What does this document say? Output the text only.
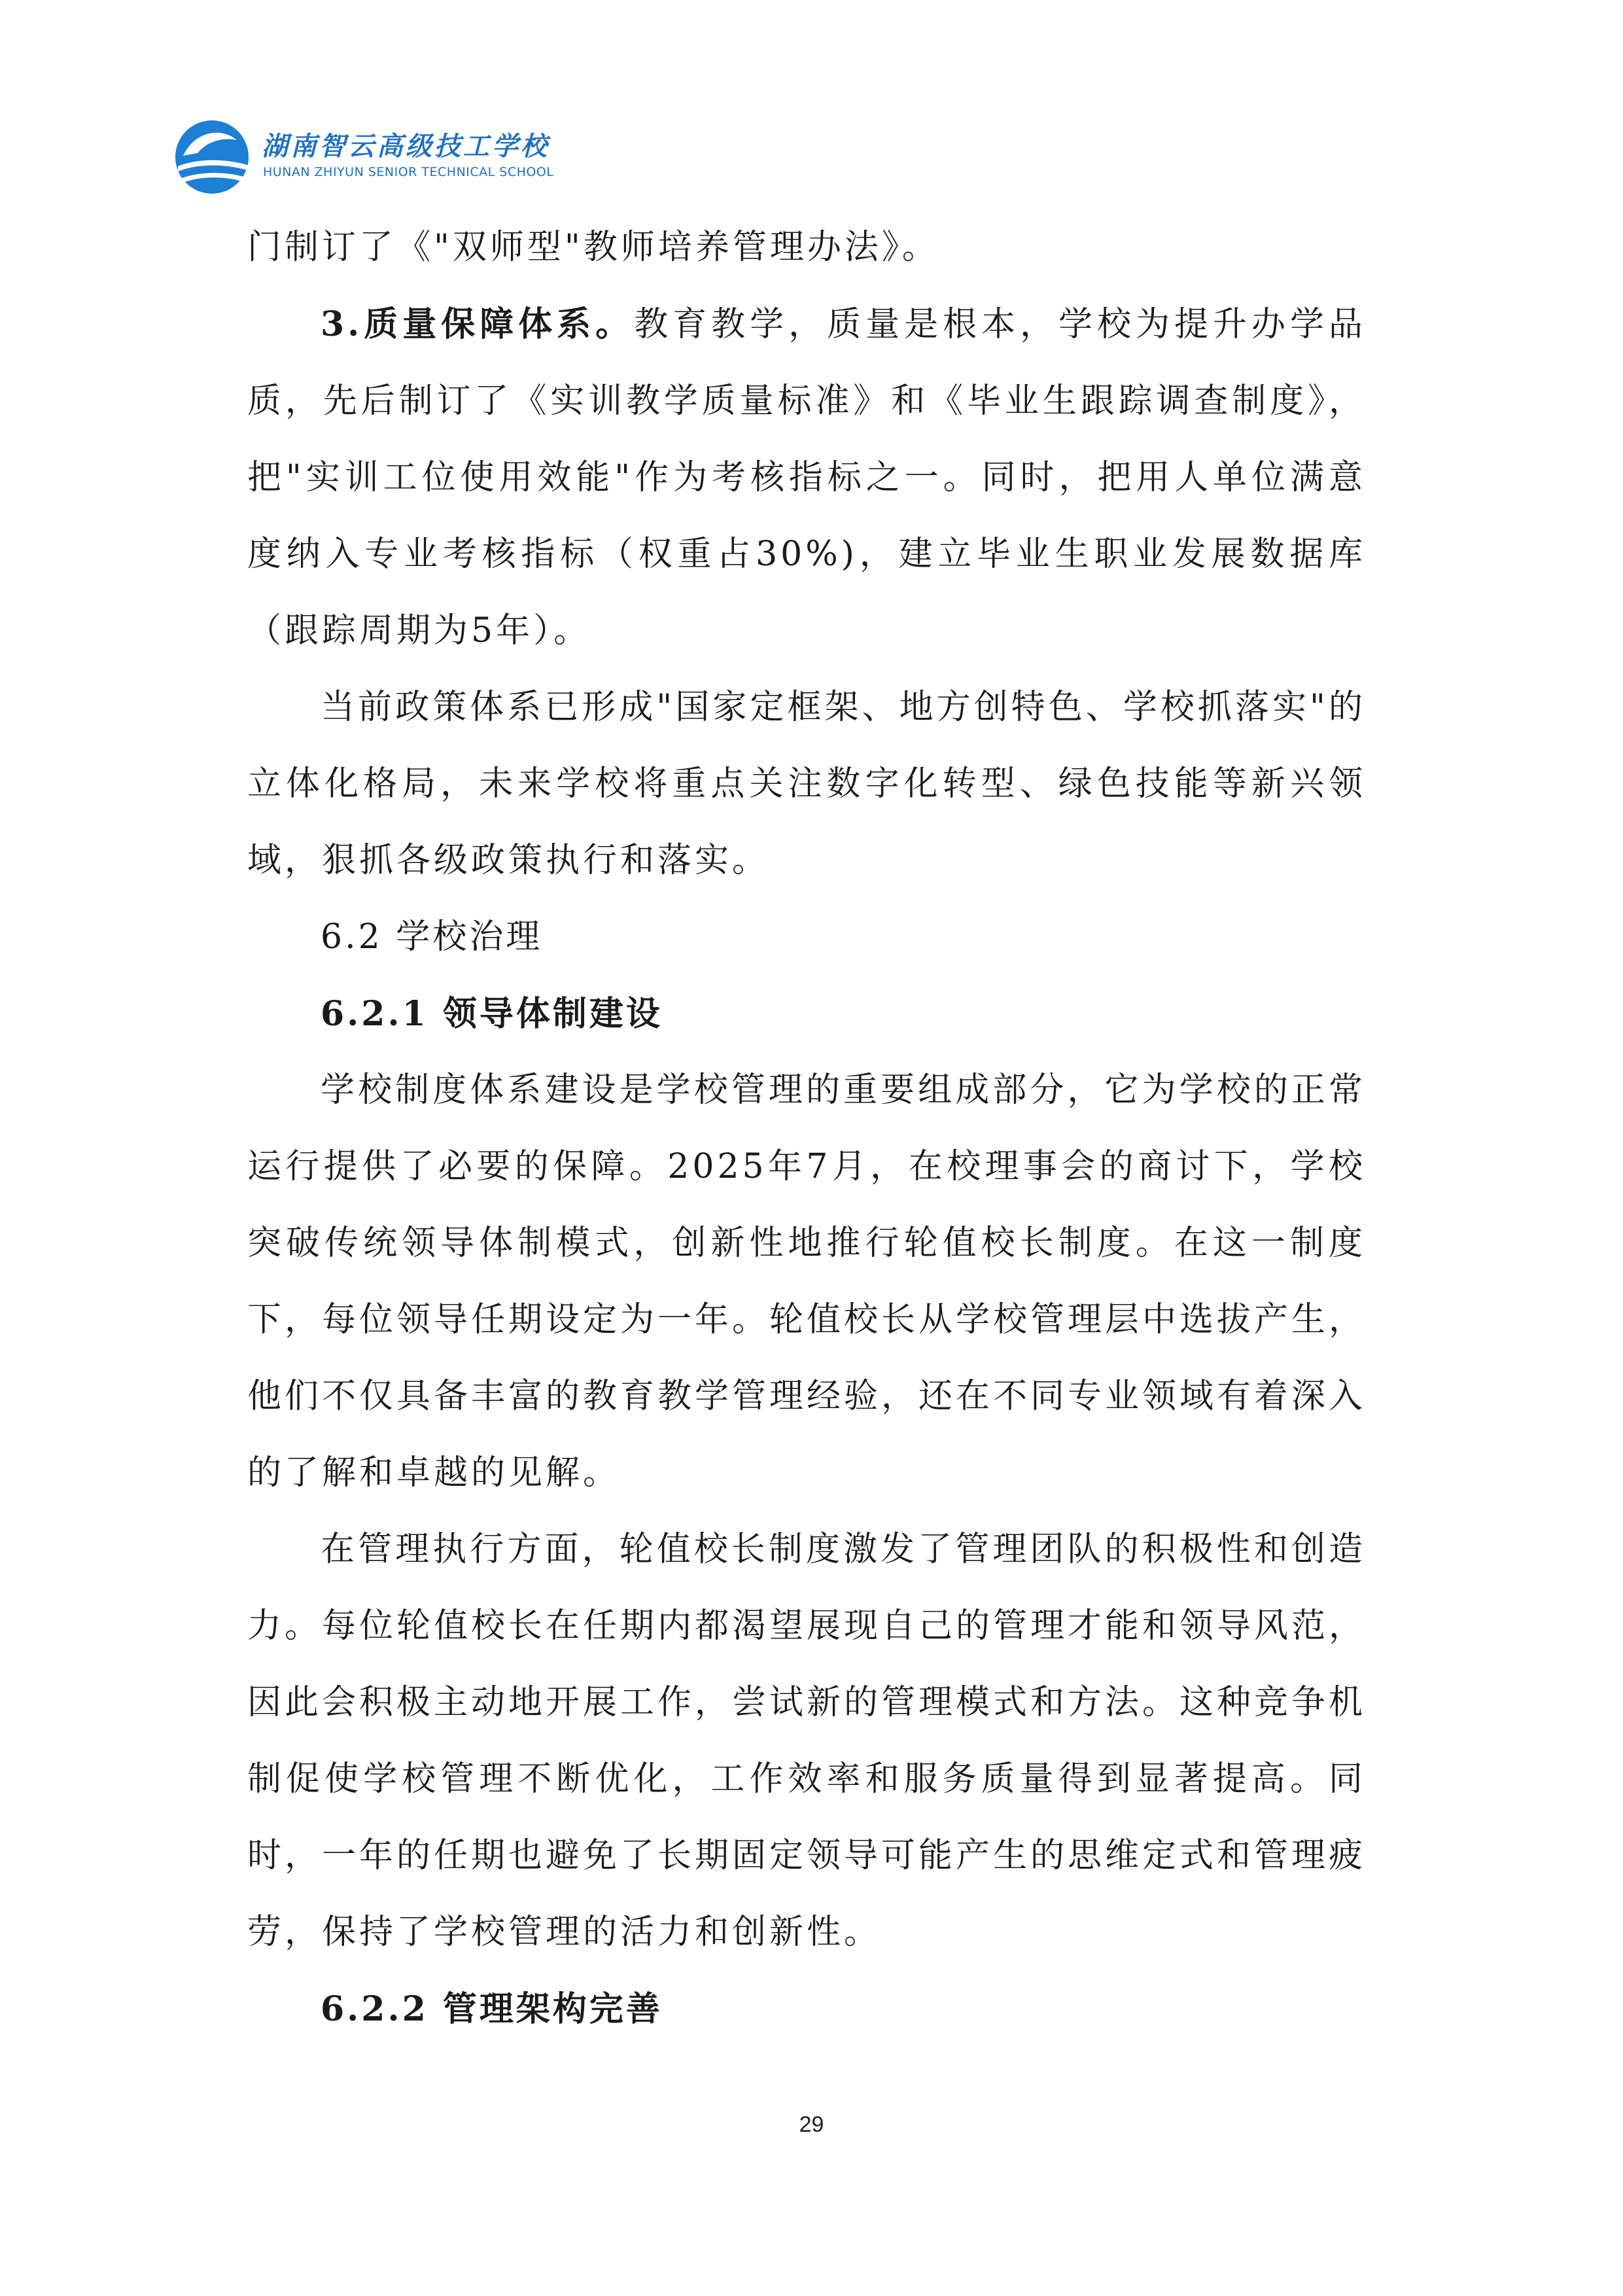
湖南智云高级技工学校
HUNAN ZHIYUN SENIOR TECHNICAL SCHOOL

门制订了《"双师型"教师培养管理办法》。

3.质量保障体系。教育教学，质量是根本，学校为提升办学品质，先后制订了《实训教学质量标准》和《毕业生跟踪调查制度》，把"实训工位使用效能"作为考核指标之一。同时，把用人单位满意度纳入专业考核指标（权重占30%)，建立毕业生职业发展数据库（跟踪周期为5年）。

当前政策体系已形成"国家定框架、地方创特色、学校抓落实"的立体化格局，未来学校将重点关注数字化转型、绿色技能等新兴领域，狠抓各级政策执行和落实。

6.2 学校治理

6.2.1 领导体制建设

学校制度体系建设是学校管理的重要组成部分，它为学校的正常运行提供了必要的保障。2025年7月，在校理事会的商讨下，学校突破传统领导体制模式，创新性地推行轮值校长制度。在这一制度下，每位领导任期设定为一年。轮值校长从学校管理层中选拔产生，他们不仅具备丰富的教育教学管理经验，还在不同专业领域有着深入的了解和卓越的见解。

在管理执行方面，轮值校长制度激发了管理团队的积极性和创造力。每位轮值校长在任期内都渴望展现自己的管理才能和领导风范，因此会积极主动地开展工作，尝试新的管理模式和方法。这种竞争机制促使学校管理不断优化，工作效率和服务质量得到显著提高。同时，一年的任期也避免了长期固定领导可能产生的思维定式和管理疲劳，保持了学校管理的活力和创新性。

6.2.2 管理架构完善

29
